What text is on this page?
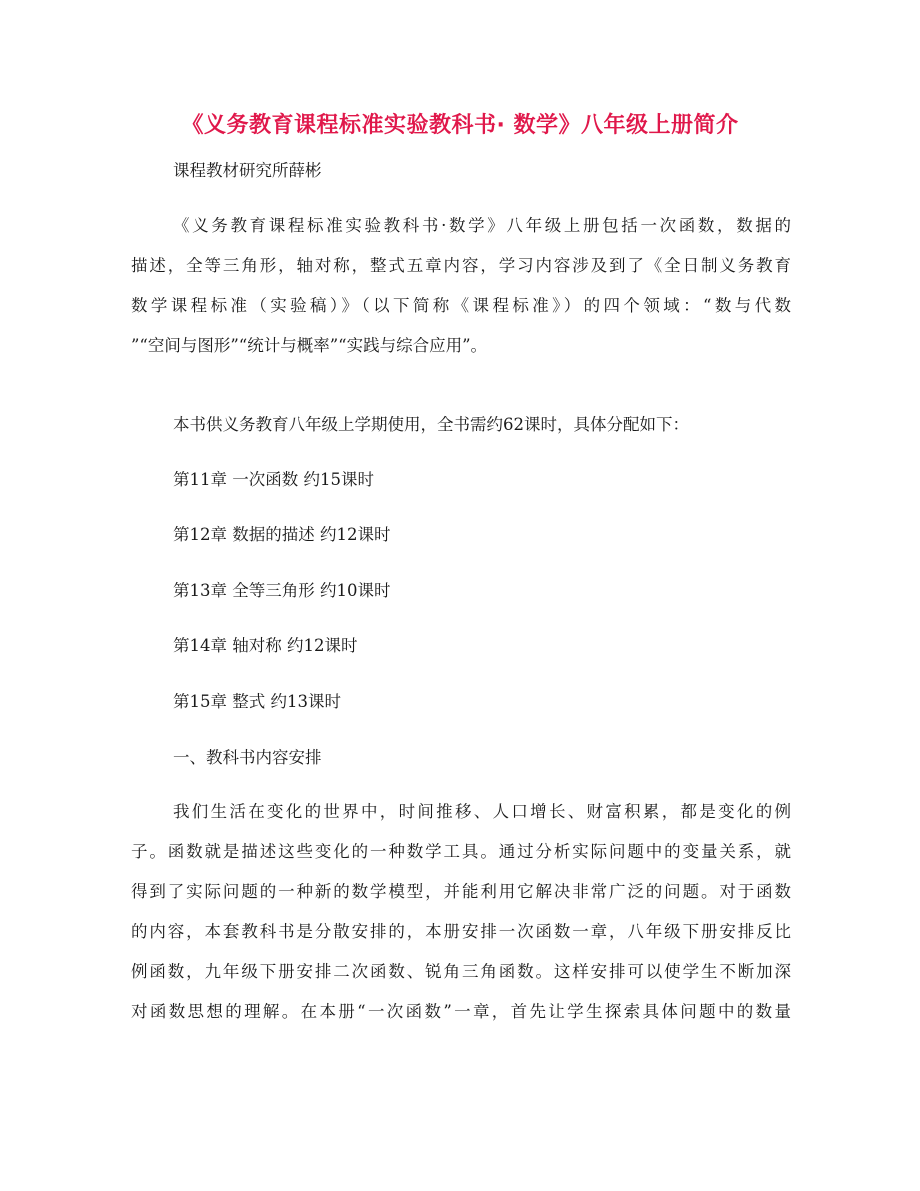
《义务教育课程标准实验教科书· 数学》八年级上册简介
课程教材研究所薛彬
《义务教育课程标准实验教科书·数学》八年级上册包括一次函数，数据的
描述，全等三角形，轴对称，整式五章内容，学习内容涉及到了《全日制义务教育
数学课程标准（实验稿）》（以下简称《课程标准》）的四个领域：“数与代数
”“空间与图形”“统计与概率”“实践与综合应用”。
本书供义务教育八年级上学期使用，全书需约62课时，具体分配如下：
第11章 一次函数 约15课时
第12章 数据的描述 约12课时
第13章 全等三角形 约10课时
第14章 轴对称 约12课时
第15章 整式 约13课时
一、教科书内容安排
我们生活在变化的世界中，时间推移、人口增长、财富积累，都是变化的例
子。函数就是描述这些变化的一种数学工具。通过分析实际问题中的变量关系，就
得到了实际问题的一种新的数学模型，并能利用它解决非常广泛的问题。对于函数
的内容，本套教科书是分散安排的，本册安排一次函数一章，八年级下册安排反比
例函数，九年级下册安排二次函数、锐角三角函数。这样安排可以使学生不断加深
对函数思想的理解。在本册“一次函数”一章，首先让学生探索具体问题中的数量
